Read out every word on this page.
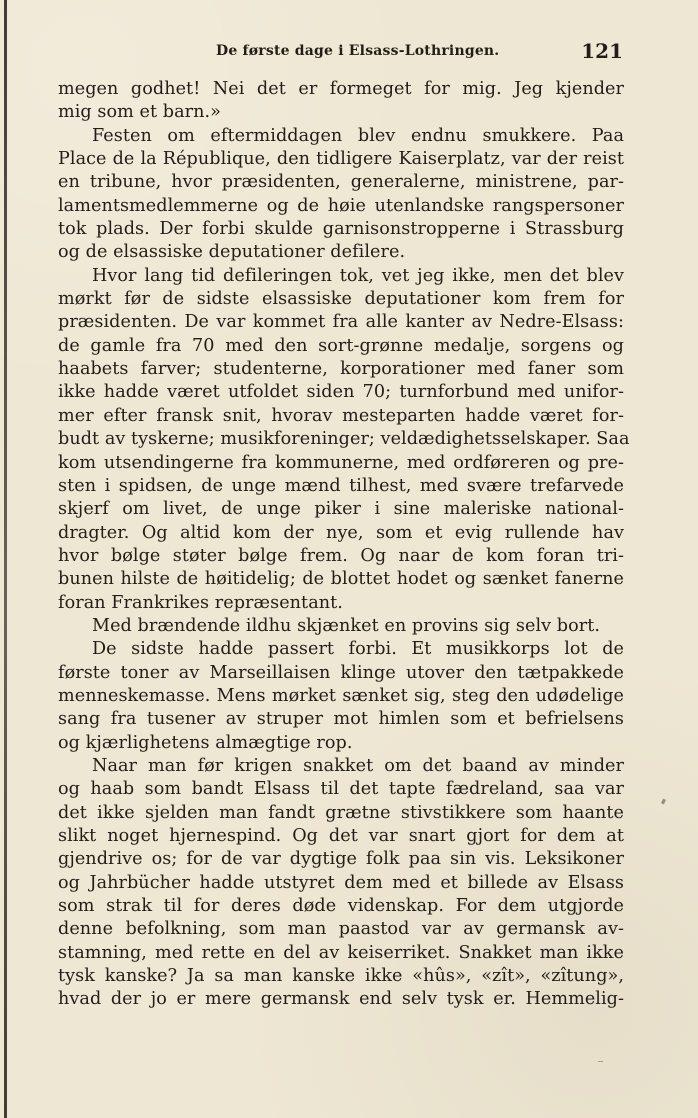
De første dage i Elsass-Lothringen.	121
megen godhet! Nei det er formeget for mig. Jeg kjender
mig som et barn.»
Festen om eftermiddagen blev endnu smukkere. Paa
Place de la République, den tidligere Kaiserplatz, var der reist
en tribune, hvor præsidenten, generalerne, ministrene, par-
lamentsmedlemmerne og de høie utenlandske rangspersoner
tok plads. Der forbi skulde garnisonstropperne i Strassburg
og de elsassiske deputationer defilere.
Hvor lang tid defileringen tok, vet jeg ikke, men det blev
mørkt før de sidste elsassiske deputationer kom frem for
præsidenten. De var kommet fra alle kanter av Nedre-Elsass:
de gamle fra 70 med den sort-grønne medalje, sorgens og
haabets farver; studenterne, korporationer med faner som
ikke hadde været utfoldet siden 70; turnforbund med unifor-
mer efter fransk snit, hvorav mesteparten hadde været for-
budt av tyskerne; musikforeninger; veldædighetsselskaper. Saa
kom utsendingerne fra kommunerne, med ordføreren og pre-
sten i spidsen, de unge mænd tilhest, med svære trefarvede
skjerf om livet, de unge piker i sine maleriske national-
dragter. Og altid kom der nye, som et evig rullende hav
hvor bølge støter bølge frem. Og naar de kom foran tri-
bunen hilste de høitidelig; de blottet hodet og sænket fanerne
foran Frankrikes repræsentant.
Med brændende ildhu skjænket en provins sig selv bort.
De sidste hadde passert forbi. Et musikkorps lot de
første toner av Marseillaisen klinge utover den tætpakkede
menneskemasse. Mens mørket sænket sig, steg den udødelige
sang fra tusener av struper mot himlen som et befrielsens
og kjærlighetens almægtige rop.
Naar man før krigen snakket om det baand av minder
og haab som bandt Elsass til det tapte fædreland, saa var
det ikke sjelden man fandt grætne stivstikkere som haante
slikt noget hjernespind. Og det var snart gjort for dem at
gjendrive os; for de var dygtige folk paa sin vis. Leksikoner
og Jahrbücher hadde utstyret dem med et billede av Elsass
som strak til for deres døde videnskap. For dem utgjorde
denne befolkning, som man paastod var av germansk av-
stamning, med rette en del av keiserriket. Snakket man ikke
tysk kanske? Ja sa man kanske ikke «hûs», «zît», «zîtung»,
hvad der jo er mere germansk end selv tysk er. Hemmelig-
